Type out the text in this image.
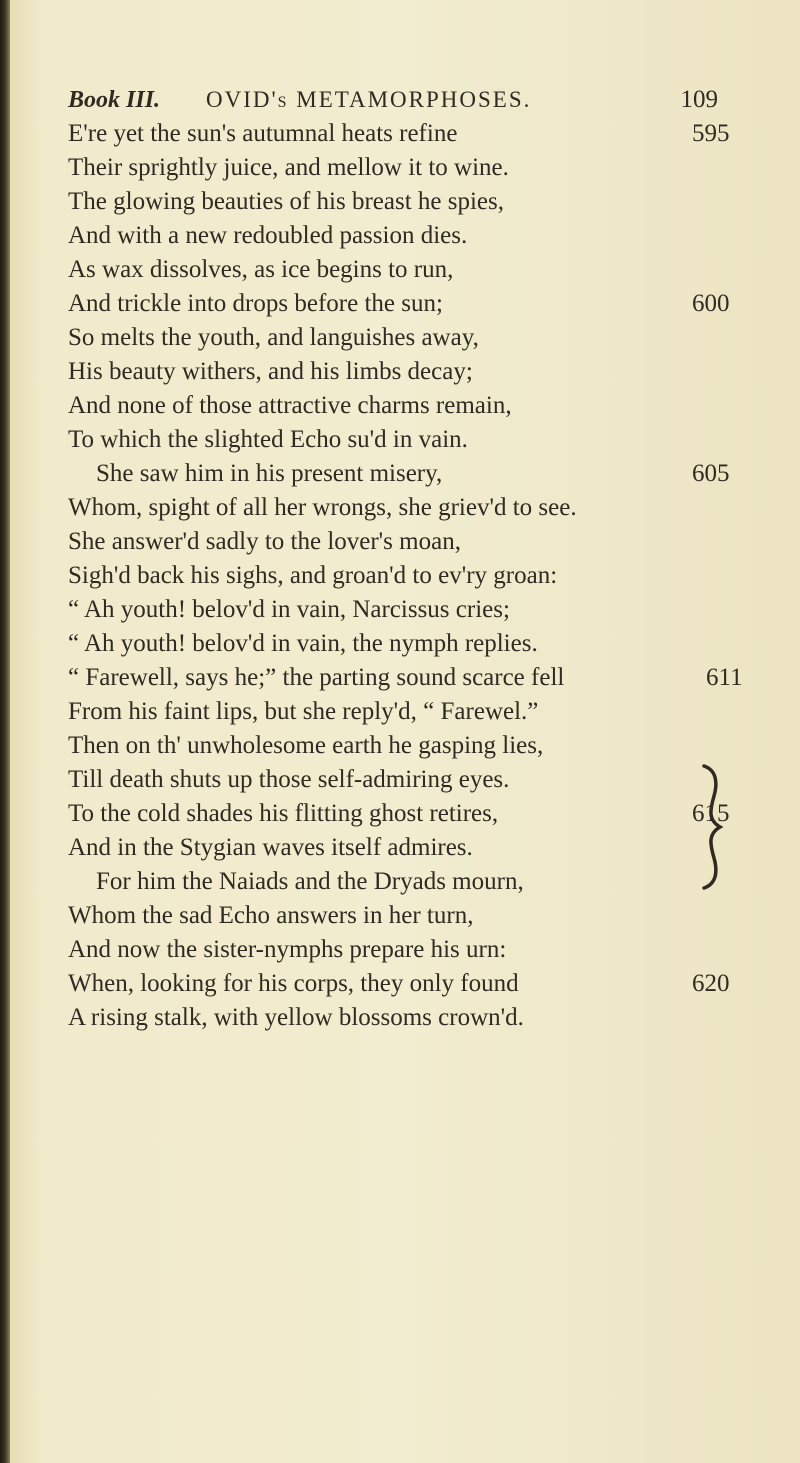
Book III. OVID's METAMORPHOSES.	109
E're yet the sun's autumnal heats refine
Their sprightly juice, and mellow it to wine.
The glowing beauties of his breast he spies,
And with a new redoubled passion dies.
As wax dissolves, as ice begins to run,
And trickle into drops before the sun;
So melts the youth, and languishes away,
His beauty withers, and his limbs decay;
And none of those attractive charms remain,
To which the slighted Echo su'd in vain.
She saw him in his present misery,
Whom, spight of all her wrongs, she griev'd to see.
She answer'd sadly to the lover's moan,
Sigh'd back his sighs, and groan'd to ev'ry groan:
“ Ah youth! belov'd in vain, Narcissus cries;
“ Ah youth! belov'd in vain, the nymph replies.
“ Farewell, says he;” the parting sound scarce fell
From his faint lips, but she reply'd, “ Farewel.”
Then on th' unwholesome earth he gasping lies,
Till death shuts up those self-admiring eyes.
To the cold shades his flitting ghost retires,
And in the Stygian waves itself admires.
For him the Naiads and the Dryads mourn,
Whom the sad Echo answers in her turn,
And now the sister-nymphs prepare his urn:
When, looking for his corps, they only found
A rising stalk, with yellow blossoms crown'd.
595
600
605
611
615
620
